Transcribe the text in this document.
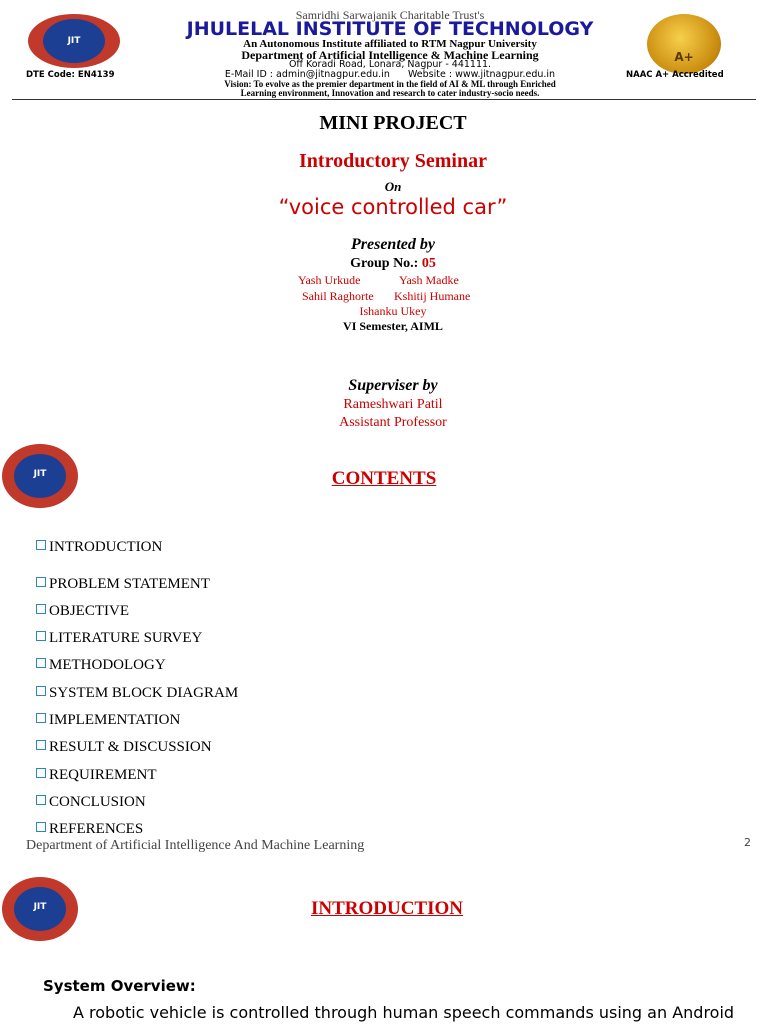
JIT
Samridhi Sarwajanik Charitable Trust's
JHULELAL INSTITUTE OF TECHNOLOGY
An Autonomous Institute affiliated to RTM Nagpur University
Department of Artificial Intelligence & Machine Learning
Off Koradi Road, Lonara, Nagpur - 441111.
E-Mail ID : admin@jitnagpur.edu.in      Website : www.jitnagpur.edu.in
Vision: To evolve as the premier department in the field of AI & ML through Enriched
Learning environment, Innovation and research to cater industry-socio needs.
DTE Code: EN4139
A+
NAAC A+ Accredited
MINI PROJECT
Introductory Seminar
On
“voice controlled car”
Presented by
Group No.: 05
Yash Urkude	Yash Madke
Sahil Raghorte Kshitij Humane
Ishanku Ukey
VI Semester, AIML
Superviser by
Rameshwari Patil
Assistant Professor
JIT	CONTENTS
INTRODUCTION
PROBLEM STATEMENT
OBJECTIVE
LITERATURE SURVEY
METHODOLOGY
SYSTEM BLOCK DIAGRAM
IMPLEMENTATION
RESULT & DISCUSSION
REQUIREMENT
CONCLUSION
REFERENCES
Department of Artificial Intelligence And Machine Learning	2
JIT	INTRODUCTION
System Overview:
A robotic vehicle is controlled through human speech commands using an Android
